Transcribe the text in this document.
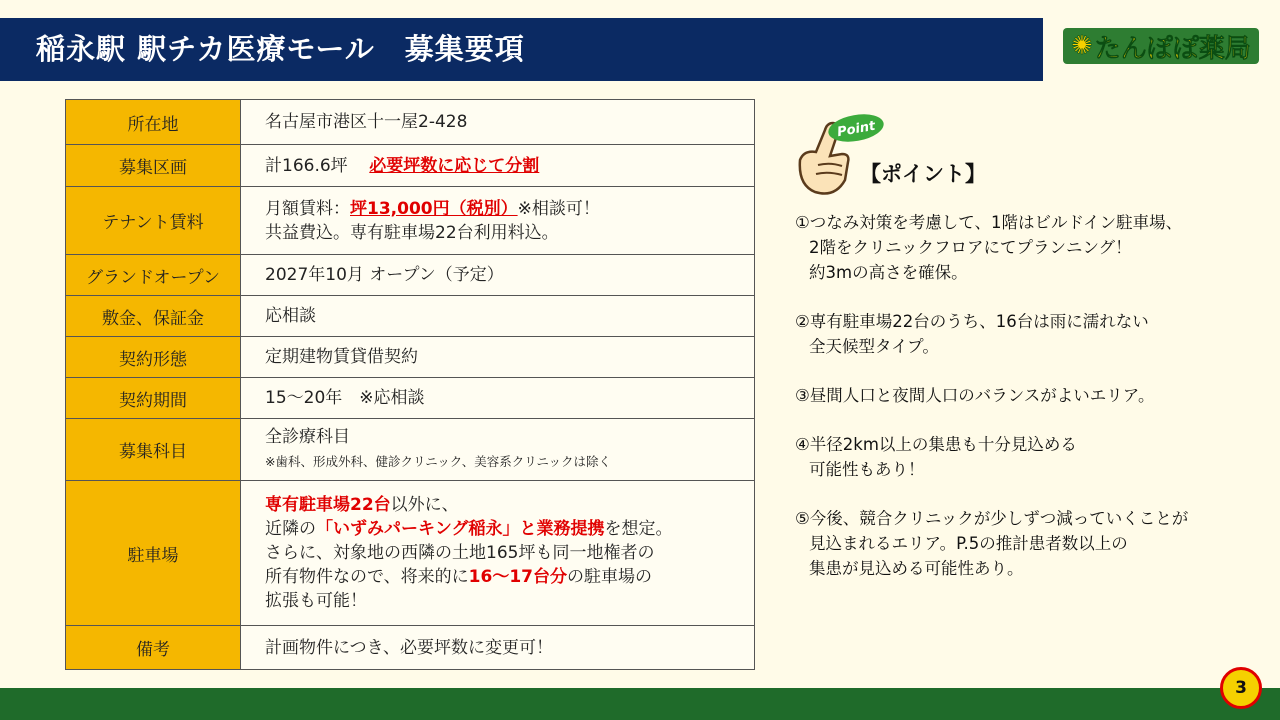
稲永駅 駅チカ医療モール　募集要項	✺ たんぽぽ薬局
所在地	名古屋市港区十一屋2-428
募集区画	計166.6坪 必要坪数に応じて分割
テナント賃料	月額賃料：坪13,000円（税別）※相談可！
共益費込。専有駐車場22台利用料込。
グランドオープン	2027年10月 オープン（予定）
敷金、保証金	応相談
契約形態	定期建物賃貸借契約
契約期間	15～20年　※応相談
募集科目	全診療科目
※歯科、形成外科、健診クリニック、美容系クリニックは除く
駐車場	専有駐車場22台以外に、
近隣の「いずみパーキング稲永」と業務提携を想定。
さらに、対象地の西隣の土地165坪も同一地権者の
所有物件なので、将来的に16～17台分の駐車場の
拡張も可能！
備考	計画物件につき、必要坪数に変更可！
Point
【ポイント】
①つなみ対策を考慮して、1階はビルドイン駐車場、
2階をクリニックフロアにてプランニング！
約3mの高さを確保。
②専有駐車場22台のうち、16台は雨に濡れない
全天候型タイプ。
③昼間人口と夜間人口のバランスがよいエリア。
④半径2km以上の集患も十分見込める
可能性もあり！
⑤今後、競合クリニックが少しずつ減っていくことが
見込まれるエリア。P.5の推計患者数以上の
集患が見込める可能性あり。
3
